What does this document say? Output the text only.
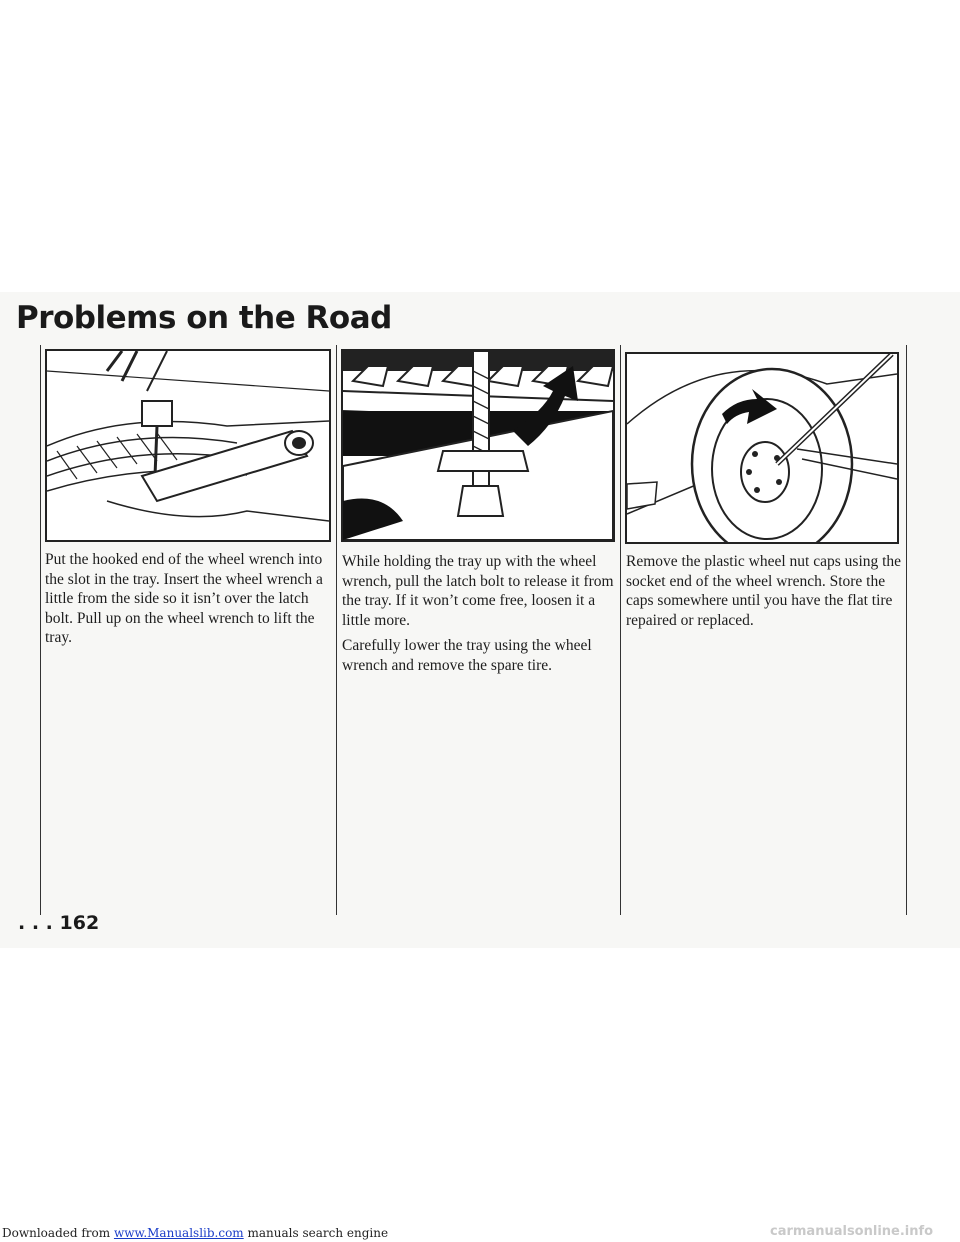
Problems on the Road

Put the hooked end of the wheel wrench into the slot in the tray. Insert the wheel wrench a little from the side so it isn’t over the latch bolt. Pull up on the wheel wrench to lift the tray.

While holding the tray up with the wheel wrench, pull the latch bolt to release it from the tray. If it won’t come free, loosen it a little more.

Carefully lower the tray using the wheel wrench and remove the spare tire.

Remove the plastic wheel nut caps using the socket end of the wheel wrench. Store the caps somewhere until you have the flat tire repaired or replaced.

. . . 162
Downloaded from www.Manualslib.com manuals search engine	carmanualsonline.info
